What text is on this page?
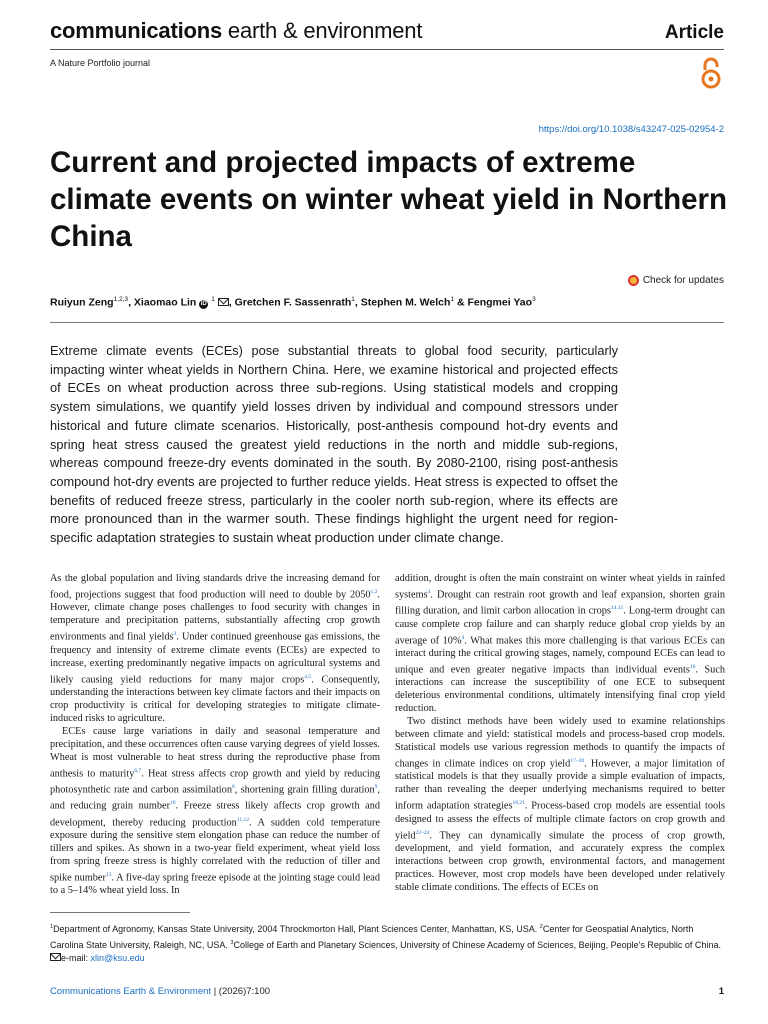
communications earth & environment	Article
A Nature Portfolio journal
https://doi.org/10.1038/s43247-025-02954-2
Current and projected impacts of extreme climate events on winter wheat yield in Northern China
Check for updates
Ruiyun Zeng$^{1,2,3}$, Xiaomao Lin iD $^1$ , Gretchen F. Sassenrath$^1$, Stephen M. Welch$^1$ & Fengmei Yao$^3$
Extreme climate events (ECEs) pose substantial threats to global food security, particularly impacting winter wheat yields in Northern China. Here, we examine historical and projected effects of ECEs on wheat production across three sub-regions. Using statistical models and cropping system simulations, we quantify yield losses driven by individual and compound stressors under historical and future climate scenarios. Historically, post-anthesis compound hot-dry events and spring heat stress caused the greatest yield reductions in the north and middle sub-regions, whereas compound freeze-dry events dominated in the south. By 2080-2100, rising post-anthesis compound hot-dry events are projected to further reduce yields. Heat stress is expected to offset the benefits of reduced freeze stress, particularly in the cooler north sub-region, where its effects are more pronounced than in the warmer south. These findings highlight the urgent need for region-specific adaptation strategies to sustain wheat production under climate change.

As the global population and living standards drive the increasing demand for food, projections suggest that food production will need to double by 2050$^{1,2}$. However, climate change poses challenges to food security with changes in temperature and precipitation patterns, substantially affecting crop growth environments and final yields$^3$. Under continued greenhouse gas emissions, the frequency and intensity of extreme climate events (ECEs) are expected to increase, exerting predominantly negative impacts on agricultural systems and likely causing yield reductions for many major crops$^{4,5}$. Consequently, understanding the interactions between key climate factors and their impacts on crop productivity is critical for developing strategies to mitigate climate-induced risks to agriculture.

ECEs cause large variations in daily and seasonal temperature and precipitation, and these occurrences often cause varying degrees of yield losses. Wheat is most vulnerable to heat stress during the reproductive phase from anthesis to maturity$^{6,7}$. Heat stress affects crop growth and yield by reducing photosynthetic rate and carbon assimilation$^8$, shortening grain filling duration$^9$, and reducing grain number$^{10}$. Freeze stress likely affects crop growth and development, thereby reducing production$^{11,12}$. A sudden cold temperature exposure during the sensitive stem elongation phase can reduce the number of tillers and spikes. As shown in a two-year field experiment, wheat yield loss from spring freeze stress is highly correlated with the reduction of tiller and spike number$^{13}$. A five-day spring freeze episode at the jointing stage could lead to a 5–14% wheat yield loss. In

addition, drought is often the main constraint on winter wheat yields in rainfed systems$^4$. Drought can restrain root growth and leaf expansion, shorten grain filling duration, and limit carbon allocation in crops$^{14,15}$. Long-term drought can cause complete crop failure and can sharply reduce global crop yields by an average of 10%$^4$. What makes this more challenging is that various ECEs can interact during the critical growing stages, namely, compound ECEs can lead to unique and even greater negative impacts than individual events$^{16}$. Such interactions can increase the susceptibility of one ECE to subsequent deleterious environmental conditions, ultimately intensifying final crop yield reduction.

Two distinct methods have been widely used to examine relationships between climate and yield: statistical models and process-based crop models. Statistical models use various regression methods to quantify the impacts of changes in climate indices on crop yield$^{17-20}$. However, a major limitation of statistical models is that they usually provide a simple evaluation of impacts, rather than revealing the deeper underlying mechanisms required to better inform adaptation strategies$^{18,21}$. Process-based crop models are essential tools designed to assess the effects of multiple climate factors on crop growth and yield$^{22-24}$. They can dynamically simulate the process of crop growth, development, and yield formation, and accurately express the complex interactions between crop growth, environmental factors, and management practices. However, most crop models have been developed under relatively stable climate conditions. The effects of ECEs on

$^1$Department of Agronomy, Kansas State University, 2004 Throckmorton Hall, Plant Sciences Center, Manhattan, KS, USA. $^2$Center for Geospatial Analytics, North Carolina State University, Raleigh, NC, USA. $^3$College of Earth and Planetary Sciences, University of Chinese Academy of Sciences, Beijing, People's Republic of China. e-mail: xlin@ksu.edu
Communications Earth & Environment | (2026)7:100	1
